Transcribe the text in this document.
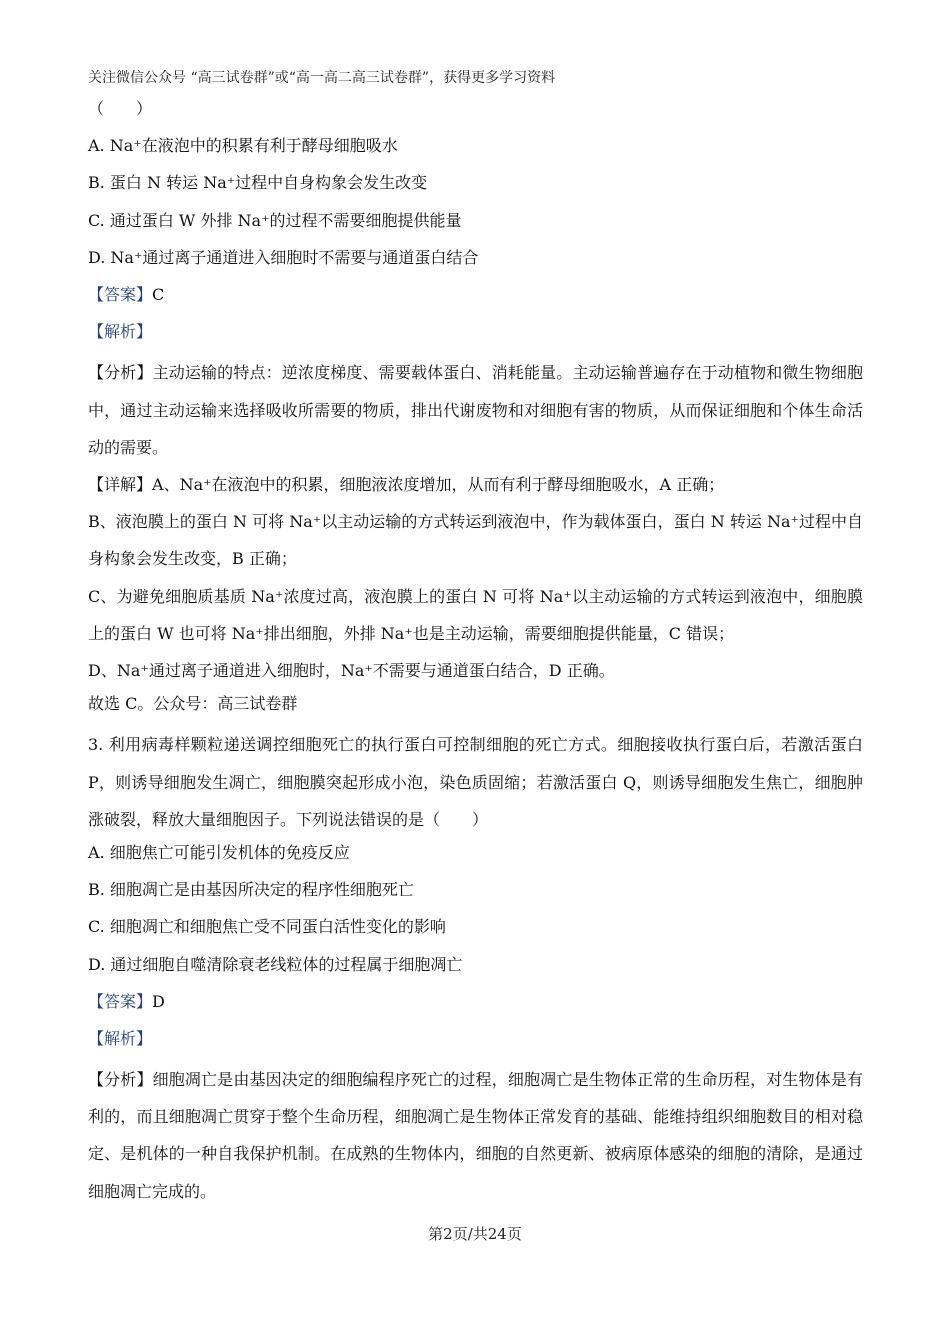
关注微信公众号 “高三试卷群”或“高一高二高三试卷群”，获得更多学习资料
（　　）
A. Na⁺在液泡中的积累有利于酵母细胞吸水
B. 蛋白 N 转运 Na⁺过程中自身构象会发生改变
C. 通过蛋白 W 外排 Na⁺的过程不需要细胞提供能量
D. Na⁺通过离子通道进入细胞时不需要与通道蛋白结合
【答案】C
【解析】
【分析】主动运输的特点：逆浓度梯度、需要载体蛋白、消耗能量。主动运输普遍存在于动植物和微生物细胞中，通过主动运输来选择吸收所需要的物质，排出代谢废物和对细胞有害的物质，从而保证细胞和个体生命活动的需要。
【详解】A、Na⁺在液泡中的积累，细胞液浓度增加，从而有利于酵母细胞吸水，A 正确；
B、液泡膜上的蛋白 N 可将 Na⁺以主动运输的方式转运到液泡中，作为载体蛋白，蛋白 N 转运 Na⁺过程中自身构象会发生改变，B 正确；
C、为避免细胞质基质 Na⁺浓度过高，液泡膜上的蛋白 N 可将 Na⁺以主动运输的方式转运到液泡中，细胞膜上的蛋白 W 也可将 Na⁺排出细胞，外排 Na⁺也是主动运输，需要细胞提供能量，C 错误；
D、Na⁺通过离子通道进入细胞时，Na⁺不需要与通道蛋白结合，D 正确。
故选 C。公众号：高三试卷群
3. 利用病毒样颗粒递送调控细胞死亡的执行蛋白可控制细胞的死亡方式。细胞接收执行蛋白后，若激活蛋白 P，则诱导细胞发生凋亡，细胞膜突起形成小泡，染色质固缩；若激活蛋白 Q，则诱导细胞发生焦亡，细胞肿涨破裂，释放大量细胞因子。下列说法错误的是（　　）
A. 细胞焦亡可能引发机体的免疫反应
B. 细胞凋亡是由基因所决定的程序性细胞死亡
C. 细胞凋亡和细胞焦亡受不同蛋白活性变化的影响
D. 通过细胞自噬清除衰老线粒体的过程属于细胞凋亡
【答案】D
【解析】
【分析】细胞凋亡是由基因决定的细胞编程序死亡的过程，细胞凋亡是生物体正常的生命历程，对生物体是有利的，而且细胞凋亡贯穿于整个生命历程，细胞凋亡是生物体正常发育的基础、能维持组织细胞数目的相对稳定、是机体的一种自我保护机制。在成熟的生物体内，细胞的自然更新、被病原体感染的细胞的清除，是通过细胞凋亡完成的。
第2页/共24页
